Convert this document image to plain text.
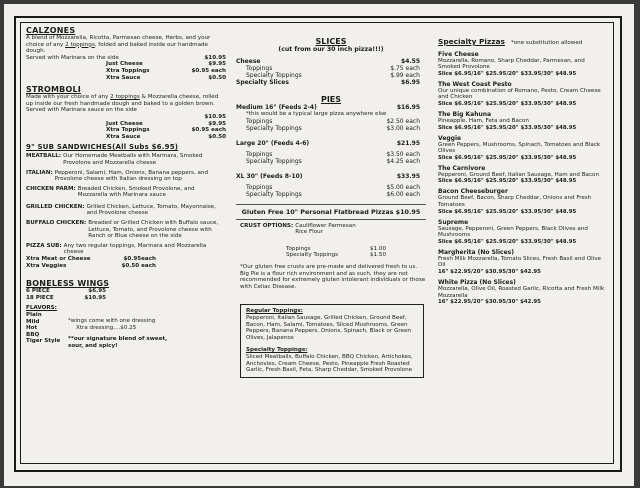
CALZONES
A blend of Mozzarella, Ricotta, Parmesan cheese, Herbs, and your choice of any 2 toppings, folded and baked inside our handmade dough.
Served with Marinara on the side	$10.95
Just Cheese	$9.95
Xtra Toppings	$0.95 each
Xtra Sauce	$0.50
STROMBOLI
Made with your choice of any 2 toppings & Mozzarella cheese, rolled up inside our fresh handmade dough and baked to a golden brown. Served with Marinara sauce on the side
$10.95
Just Cheese	$9.95
Xtra Toppings	$0.95 each
Xtra Sauce	$0.50
9" SUB SANDWICHES(All Subs $6.95)
MEATBALL: Our Homemade Meatballs with Marinara, Smoked Provolone and Mozzarella cheese
ITALIAN: Pepperoni, Salami, Ham, Onions, Banana peppers, and Provolone cheese with Italian dressing on top
CHICKEN PARM: Breaded Chicken, Smoked Provolone, and Mozzarella with Marinara sauce
GRILLED CHICKEN: Grilled Chicken, Lettuce, Tomato, Mayonnaise, and Provolone cheese
BUFFALO CHICKEN: Breaded or Grilled Chicken with Buffalo sauce, Lettuce, Tomato, and Provolone cheese with Ranch or Blue cheese on the side
PIZZA SUB: Any two regular toppings, Marinara and Mozzarella cheese
Xtra Meat or Cheese	$0.95each
Xtra Veggies	$0.50 each
BONELESS WINGS
6 PIECE	$6.95
18 PIECE	$10.95
FLAVORS:
Plain
Mild
Hot
BBQ
Tiger Style
*wings come with one dressing
Xtra dressing....$0.25
**our signature blend of sweet, sour, and spicy!
SLICES
(cut from our 30 inch pizza!!!)
Cheese	$4.55
Toppings	$.75 each
Specialty Toppings	$.99 each
Specialty Slices	$6.95
PIES
Medium 16" (Feeds 2-4)	$16.95
*this would be a typical large pizza anywhere else
Toppings	$2.50 each
Specialty Toppings	$3.00 each
Large 20" (Feeds 4-6)	$21.95
Toppings	$3.50 each
Specialty Toppings	$4.25 each
XL 30" (Feeds 8-10)	$33.95
Toppings	$5.00 each
Specialty Toppings	$6.00 each
Gluten Free 10" Personal Flatbread Pizzas $10.95
CRUST OPTIONS: Cauliflower Parmesan Rice Flour
Toppings	$1.00
Specialty Toppings	$1.50
*Our gluten free crusts are pre-made and delivered fresh to us. Big Pie is a flour rich environment and as such, they are not recommended for extremely gluten intolerant individuals or those with Celiac Disease.
Regular Toppings:
Pepperoni, Italian Sausage, Grilled Chicken, Ground Beef, Bacon, Ham, Salami, Tomatoes, Sliced Mushrooms, Green Peppers, Banana Peppers, Onions, Spinach, Black or Green Olives, Jalapenos
Specialty Toppings:
Sliced Meatballs, Buffalo Chicken, BBQ Chicken, Artichokes, Anchovies, Cream Cheese, Pesto, Pineapple Fresh Roasted Garlic, Fresh Basil, Feta, Sharp Cheddar, Smoked Provolone
Specialty Pizzas *one substitution allowed
Five Cheese
Mozzarella, Romano, Sharp Cheddar, Parmesan, and Smoked Provolone
Slice $6.95/16" $25.95/20" $33.95/30" $48.95
The West Coast Pesto
Our unique combination of Romano, Pesto, Cream Cheese and Chicken
Slice $6.95/16" $25.95/20" $33.95/30" $48.95
The Big Kahuna
Pineapple, Ham, Feta and Bacon
Slice $6.95/16" $25.95/20" $33.95/30" $48.95
Veggie
Green Peppers, Mushrooms, Spinach, Tomatoes and Black Olives
Slice $6.95/16" $25.95/20" $33.95/30" $48.95
The Carnivore
Pepperoni, Ground Beef, Italian Sausage, Ham and Bacon
Slice $6.95/16" $25.95/20" $33.95/30" $48.95
Bacon Cheeseburger
Ground Beef, Bacon, Sharp Cheddar, Onions and Fresh Tomatoes
Slice $6.95/16" $25.95/20" $33.95/30" $48.95
Supreme
Sausage, Pepperoni, Green Peppers, Black Olives and Mushrooms
Slice $6.95/16" $25.95/20" $33.95/30" $48.95
Margherita (No Slices)
Fresh Milk Mozzarella, Tomato Slices, Fresh Basil and Olive Oil
16" $22.95/20" $30.95/30" $42.95
White Pizza (No Slices)
Mozzarella, Olive Oil, Roasted Garlic, Ricotta and Fresh Milk Mozzarella
16" $22.95/20" $30.95/30" $42.95
